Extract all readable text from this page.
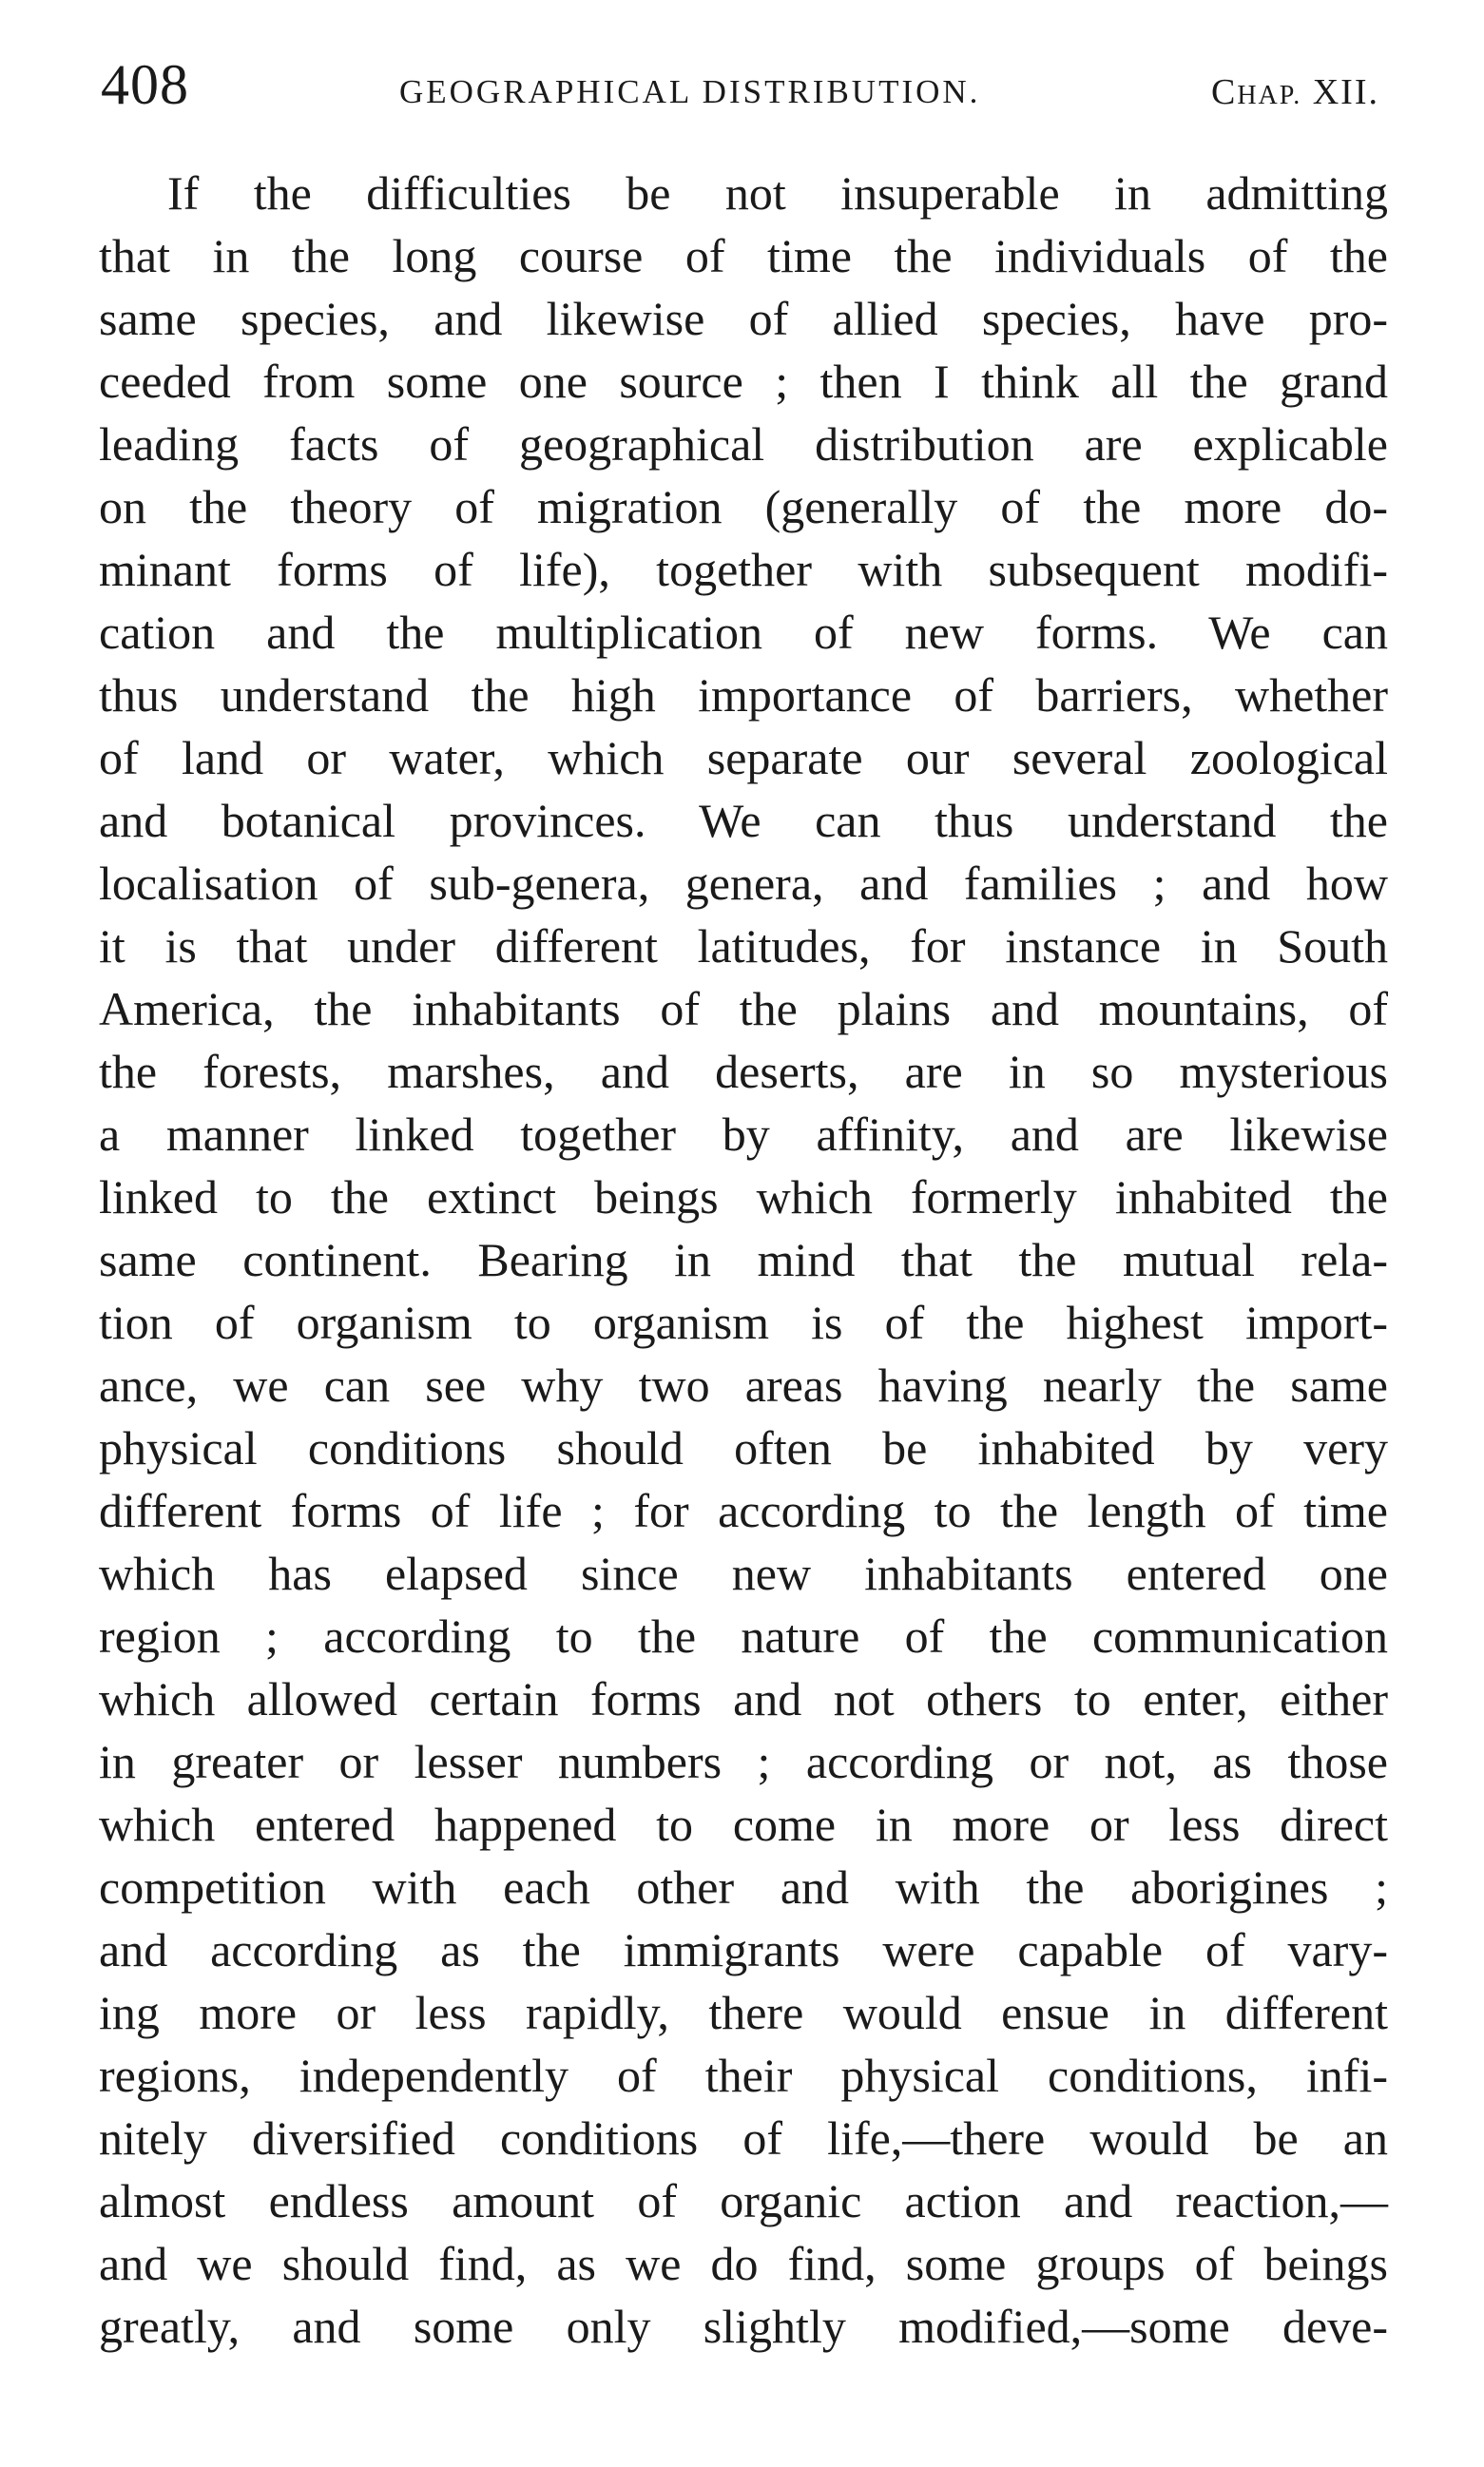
408	GEOGRAPHICAL DISTRIBUTION.	CHAP. XII.
If the difficulties be not insuperable in admitting
that in the long course of time the individuals of the
same species, and likewise of allied species, have pro-
ceeded from some one source ; then I think all the grand
leading facts of geographical distribution are explicable
on the theory of migration (generally of the more do-
minant forms of life), together with subsequent modifi-
cation and the multiplication of new forms. We can
thus understand the high importance of barriers, whether
of land or water, which separate our several zoological
and botanical provinces. We can thus understand the
localisation of sub-genera, genera, and families ; and how
it is that under different latitudes, for instance in South
America, the inhabitants of the plains and mountains, of
the forests, marshes, and deserts, are in so mysterious
a manner linked together by affinity, and are likewise
linked to the extinct beings which formerly inhabited the
same continent. Bearing in mind that the mutual rela-
tion of organism to organism is of the highest import-
ance, we can see why two areas having nearly the same
physical conditions should often be inhabited by very
different forms of life ; for according to the length of time
which has elapsed since new inhabitants entered one
region ; according to the nature of the communication
which allowed certain forms and not others to enter, either
in greater or lesser numbers ; according or not, as those
which entered happened to come in more or less direct
competition with each other and with the aborigines ;
and according as the immigrants were capable of vary-
ing more or less rapidly, there would ensue in different
regions, independently of their physical conditions, infi-
nitely diversified conditions of life,—there would be an
almost endless amount of organic action and reaction,—
and we should find, as we do find, some groups of beings
greatly, and some only slightly modified,—some deve-
